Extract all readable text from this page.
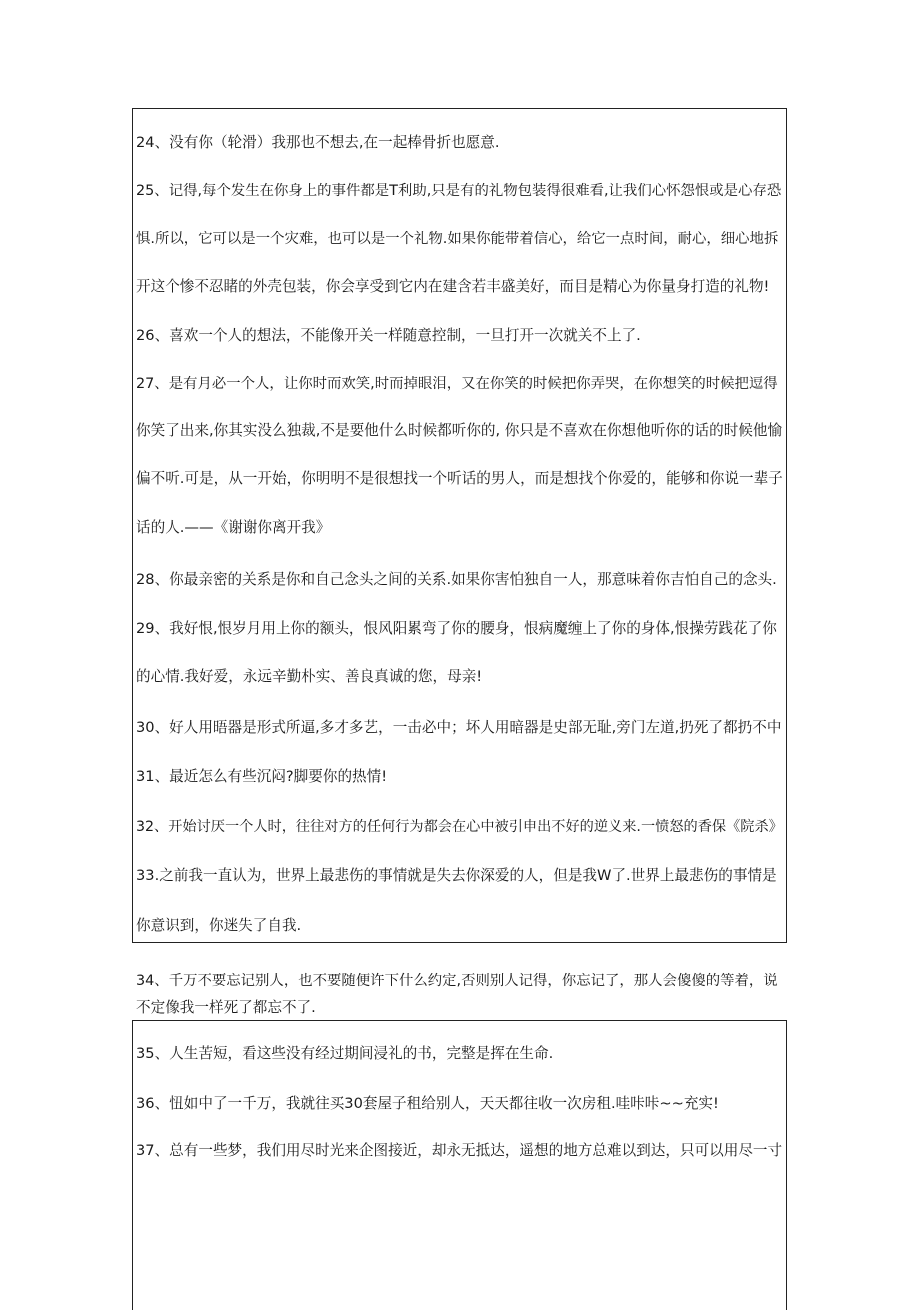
24、没有你（轮滑）我那也不想去,在一起棒骨折也愿意.
25、记得,每个发生在你身上的事件都是T利助,只是有的礼物包装得很难看,让我们心怀怨恨或是心存恐
惧.所以，它可以是一个灾难，也可以是一个礼物.如果你能带着信心，给它一点时间，耐心，细心地拆
开这个惨不忍睹的外壳包装，你会享受到它内在建含若丰盛美好，而目是精心为你量身打造的礼物!
26、喜欢一个人的想法，不能像开关一样随意控制，一旦打开一次就关不上了.
27、是有月必一个人，让你时而欢笑,时而掉眼泪，又在你笑的时候把你弄哭，在你想笑的时候把逗得
你笑了出来,你其实没么独裁,不是要他什么时候都听你的, 你只是不喜欢在你想他听你的话的时候他愉
偏不听.可是，从一开始，你明明不是很想找一个听话的男人，而是想找个你爱的，能够和你说一辈子
话的人.——《谢谢你离开我》
28、你最亲密的关系是你和自己念头之间的关系.如果你害怕独自一人，那意味着你吉怕自己的念头.
29、我好恨,恨岁月用上你的额头，恨风阳累弯了你的腰身，恨病魔缠上了你的身体,恨操劳践花了你
的心情.我好爱，永远辛勤朴实、善良真诚的您，母亲!
30、好人用晤器是形式所逼,多才多艺，一击必中；坏人用暗器是史部无耻,旁门左道,扔死了都扔不中
31、最近怎么有些沉闷?脚要你的热情!
32、开始讨厌一个人时，往往对方的任何行为都会在心中被引申出不好的逆义来.一愤怒的香保《院杀》
33.之前我一直认为，世界上最悲伤的事情就是失去你深爱的人，但是我W了.世界上最悲伤的事情是
你意识到，你迷失了自我.
34、千万不要忘记别人，也不要随便许下什么约定,否则别人记得，你忘记了，那人会傻傻的等着，说
不定像我一样死了都忘不了.
35、人生苦短，看这些没有经过期间浸礼的书，完整是挥在生命.
36、忸如中了一千万，我就往买30套屋子租给别人，天天都往收一次房租.哇咔咔~~充实!
37、总有一些梦，我们用尽时光来企图接近，却永无抵达，遥想的地方总难以到达，只可以用尽一寸
